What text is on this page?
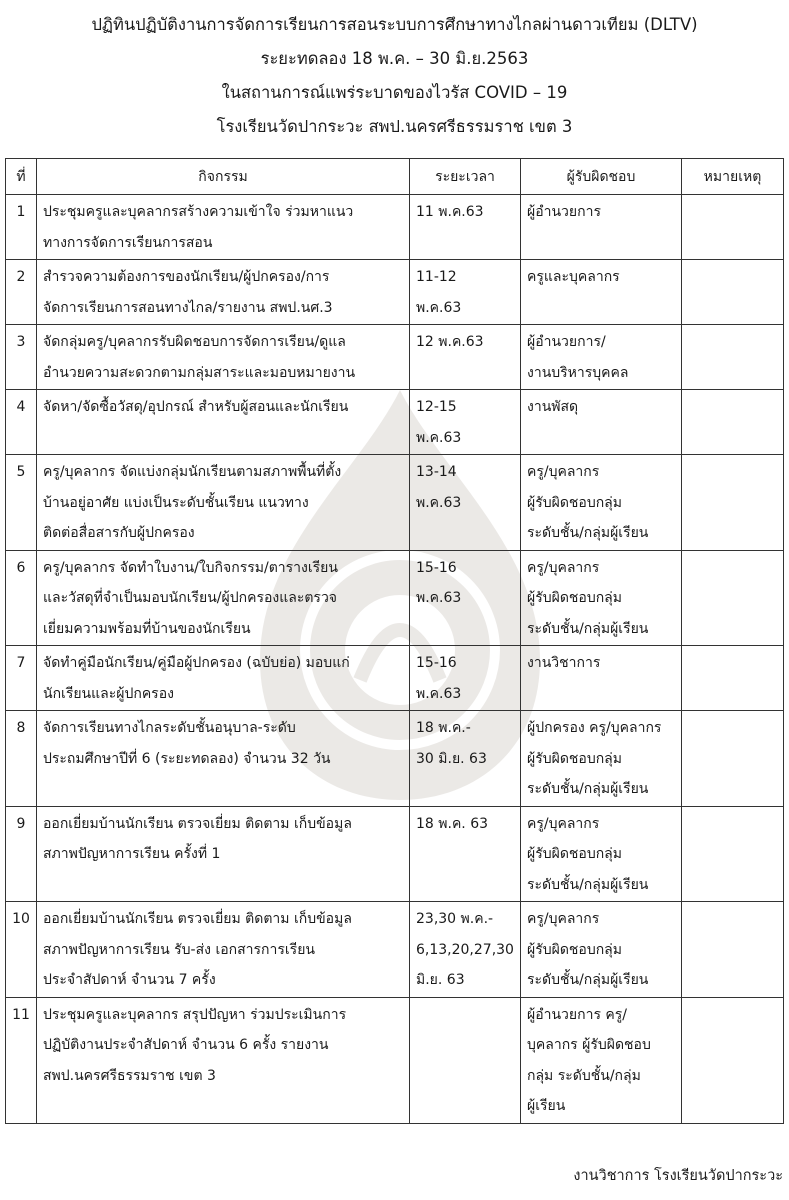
ปฏิทินปฏิบัติงานการจัดการเรียนการสอนระบบการศึกษาทางไกลผ่านดาวเทียม (DLTV)
ระยะทดลอง 18 พ.ค. – 30 มิ.ย.2563
ในสถานการณ์แพร่ระบาดของไวรัส COVID – 19
โรงเรียนวัดปากระวะ สพป.นครศรีธรรมราช เขต 3
ที่	กิจกรรม	ระยะเวลา	ผู้รับผิดชอบ	หมายเหตุ
1	ประชุมครูและบุคลากรสร้างความเข้าใจ ร่วมหาแนว
ทางการจัดการเรียนการสอน	11 พ.ค.63	ผู้อำนวยการ	

2	สำรวจความต้องการของนักเรียน/ผู้ปกครอง/การ
จัดการเรียนการสอนทางไกล/รายงาน สพป.นศ.3	11-12
พ.ค.63	ครูและบุคลากร	

3	จัดกลุ่มครู/บุคลากรรับผิดชอบการจัดการเรียน/ดูแล
อำนวยความสะดวกตามกลุ่มสาระและมอบหมายงาน	12 พ.ค.63	ผู้อำนวยการ/
งานบริหารบุคคล	

4	จัดหา/จัดซื้อวัสดุ/อุปกรณ์ สำหรับผู้สอนและนักเรียน	12-15
พ.ค.63	งานพัสดุ	

5	ครู/บุคลากร จัดแบ่งกลุ่มนักเรียนตามสภาพพื้นที่ตั้ง
บ้านอยู่อาศัย แบ่งเป็นระดับชั้นเรียน แนวทาง
ติดต่อสื่อสารกับผู้ปกครอง	13-14
พ.ค.63	ครู/บุคลากร
ผู้รับผิดชอบกลุ่ม
ระดับชั้น/กลุ่มผู้เรียน	

6	ครู/บุคลากร จัดทำใบงาน/ใบกิจกรรม/ตารางเรียน
และวัสดุที่จำเป็นมอบนักเรียน/ผู้ปกครองและตรวจ
เยี่ยมความพร้อมที่บ้านของนักเรียน	15-16
พ.ค.63	ครู/บุคลากร
ผู้รับผิดชอบกลุ่ม
ระดับชั้น/กลุ่มผู้เรียน	

7	จัดทำคู่มือนักเรียน/คู่มือผู้ปกครอง (ฉบับย่อ) มอบแก่
นักเรียนและผู้ปกครอง	15-16
พ.ค.63	งานวิชาการ	

8	จัดการเรียนทางไกลระดับชั้นอนุบาล-ระดับ
ประถมศึกษาปีที่ 6 (ระยะทดลอง) จำนวน 32 วัน	18 พ.ค.-
30 มิ.ย. 63	ผู้ปกครอง ครู/บุคลากร
ผู้รับผิดชอบกลุ่ม
ระดับชั้น/กลุ่มผู้เรียน	

9	ออกเยี่ยมบ้านนักเรียน ตรวจเยี่ยม ติดตาม เก็บข้อมูล
สภาพปัญหาการเรียน ครั้งที่ 1	18 พ.ค. 63	ครู/บุคลากร
ผู้รับผิดชอบกลุ่ม
ระดับชั้น/กลุ่มผู้เรียน	

10	ออกเยี่ยมบ้านนักเรียน ตรวจเยี่ยม ติดตาม เก็บข้อมูล
สภาพปัญหาการเรียน รับ-ส่ง เอกสารการเรียน
ประจำสัปดาห์ จำนวน 7 ครั้ง	23,30 พ.ค.-
6,13,20,27,30
มิ.ย. 63	ครู/บุคลากร
ผู้รับผิดชอบกลุ่ม
ระดับชั้น/กลุ่มผู้เรียน	

11	ประชุมครูและบุคลากร สรุปปัญหา ร่วมประเมินการ
ปฏิบัติงานประจำสัปดาห์ จำนวน 6 ครั้ง รายงาน
สพป.นครศรีธรรมราช เขต 3		ผู้อำนวยการ ครู/
บุคลากร ผู้รับผิดชอบ
กลุ่ม ระดับชั้น/กลุ่ม
ผู้เรียน	

งานวิชาการ โรงเรียนวัดปากระวะ
